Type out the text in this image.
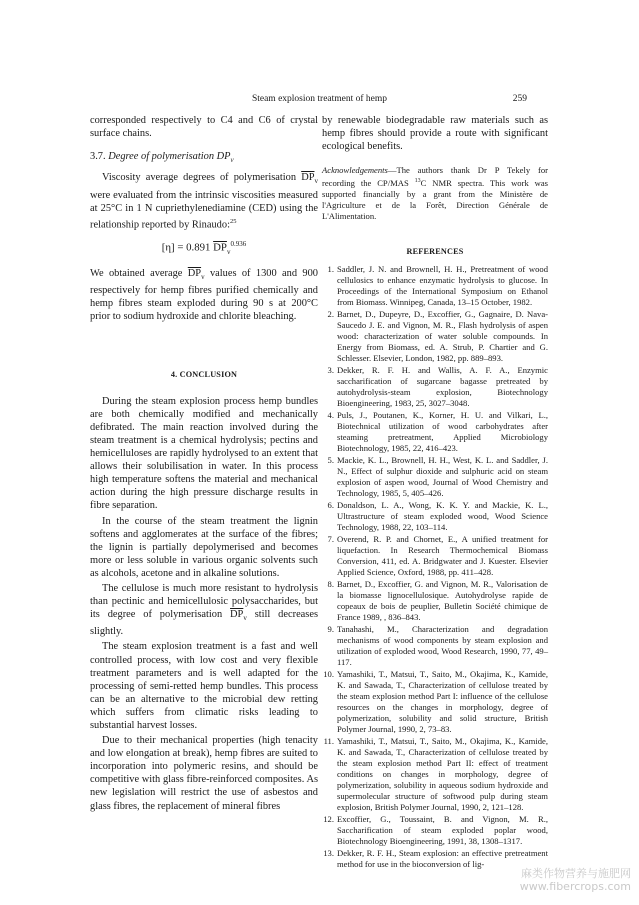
Steam explosion treatment of hemp	259

corresponded respectively to C4 and C6 of crystal surface chains.

3.7. Degree of polymerisation $DP_v$

Viscosity average degrees of polymerisation $\overline{DP}_v$ were evaluated from the intrinsic viscosities measured at 25°C in 1 N cupriethylenediamine (CED) using the relationship reported by Rinaudo:$^{25}$

[η] = 0.891 $\overline{DP}_v^{0.936}$

We obtained average $\overline{DP}_v$ values of 1300 and 900 respectively for hemp fibres purified chemically and hemp fibres steam exploded during 90 s at 200°C prior to sodium hydroxide and chlorite bleaching.

4. CONCLUSION

During the steam explosion process hemp bundles are both chemically modified and mechanically defibrated. The main reaction involved during the steam treatment is a chemical hydrolysis; pectins and hemicelluloses are rapidly hydrolysed to an extent that allows their solubilisation in water. In this process high temperature softens the material and mechanical action during the high pressure discharge results in fibre separation.

In the course of the steam treatment the lignin softens and agglomerates at the surface of the fibres; the lignin is partially depolymerised and becomes more or less soluble in various organic solvents such as alcohols, acetone and in alkaline solutions.

The cellulose is much more resistant to hydrolysis than pectinic and hemicellulosic polysaccharides, but its degree of polymerisation $\overline{DP}_v$ still decreases slightly.

The steam explosion treatment is a fast and well controlled process, with low cost and very flexible treatment parameters and is well adapted for the processing of semi-retted hemp bundles. This process can be an alternative to the microbial dew retting which suffers from climatic risks leading to substantial harvest losses.

Due to their mechanical properties (high tenacity and low elongation at break), hemp fibres are suited to incorporation into polymeric resins, and should be competitive with glass fibre-reinforced composites. As new legislation will restrict the use of asbestos and glass fibres, the replacement of mineral fibres

by renewable biodegradable raw materials such as hemp fibres should provide a route with significant ecological benefits.

Acknowledgements—The authors thank Dr P Tekely for recording the CP/MAS $^{13}$C NMR spectra. This work was supported financially by a grant from the Ministère de l'Agriculture et de la Forêt, Direction Générale de L'Alimentation.

REFERENCES
1. Saddler, J. N. and Brownell, H. H., Pretreatment of wood cellulosics to enhance enzymatic hydrolysis to glucose. In Proceedings of the International Symposium on Ethanol from Biomass. Winnipeg, Canada, 13–15 October, 1982.
2. Barnet, D., Dupeyre, D., Excoffier, G., Gagnaire, D. Nava-Saucedo J. E. and Vignon, M. R., Flash hydrolysis of aspen wood: characterization of water soluble compounds. In Energy from Biomass, ed. A. Strub, P. Chartier and G. Schlesser. Elsevier, London, 1982, pp. 889–893.
3. Dekker, R. F. H. and Wallis, A. F. A., Enzymic saccharification of sugarcane bagasse pretreated by autohydrolysis-steam explosion, Biotechnology Bioengineering, 1983, 25, 3027–3048.
4. Puls, J., Poutanen, K., Korner, H. U. and Vilkari, L., Biotechnical utilization of wood carbohydrates after steaming pretreatment, Applied Microbiology Biotechnology, 1985, 22, 416–423.
5. Mackie, K. L., Brownell, H. H., West, K. L. and Saddler, J. N., Effect of sulphur dioxide and sulphuric acid on steam explosion of aspen wood, Journal of Wood Chemistry and Technology, 1985, 5, 405–426.
6. Donaldson, L. A., Wong, K. K. Y. and Mackie, K. L., Ultrastructure of steam exploded wood, Wood Science Technology, 1988, 22, 103–114.
7. Overend, R. P. and Chornet, E., A unified treatment for liquefaction. In Research Thermochemical Biomass Conversion, 411, ed. A. Bridgwater and J. Kuester. Elsevier Applied Science, Oxford, 1988, pp. 411–428.
8. Barnet, D., Excoffier, G. and Vignon, M. R., Valorisation de la biomasse lignocellulosique. Autohydrolyse rapide de copeaux de bois de peuplier, Bulletin Société chimique de France 1989, , 836–843.
9. Tanahashi, M., Characterization and degradation mechanisms of wood components by steam explosion and utilization of exploded wood, Wood Research, 1990, 77, 49–117.
10. Yamashiki, T., Matsui, T., Saito, M., Okajima, K., Kamide, K. and Sawada, T., Characterization of cellulose treated by the steam explosion method Part I: influence of the cellulose resources on the changes in morphology, degree of polymerization, solubility and solid structure, British Polymer Journal, 1990, 2, 73–83.
11. Yamashiki, T., Matsui, T., Saito, M., Okajima, K., Kamide, K. and Sawada, T., Characterization of cellulose treated by the steam explosion method Part II: effect of treatment conditions on changes in morphology, degree of polymerization, solubility in aqueous sodium hydroxide and supermolecular structure of softwood pulp during steam explosion, British Polymer Journal, 1990, 2, 121–128.
12. Excoffier, G., Toussaint, B. and Vignon, M. R., Saccharification of steam exploded poplar wood, Biotechnology Bioengineering, 1991, 38, 1308–1317.
13. Dekker, R. F. H., Steam explosion: an effective pretreatment method for use in the bioconversion of lig-
麻类作物营养与施肥网
www.fibercrops.com
